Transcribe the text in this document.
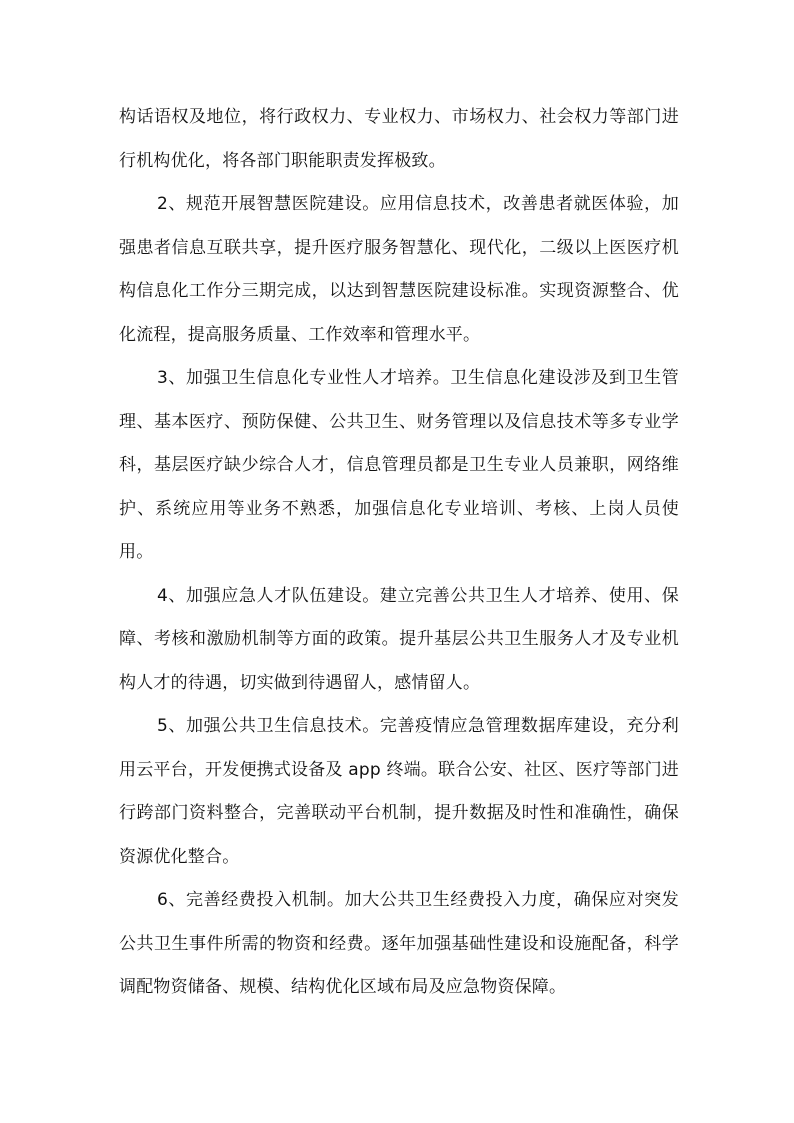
构话语权及地位，将行政权力、专业权力、市场权力、社会权力等部门进行机构优化，将各部门职能职责发挥极致。

2、规范开展智慧医院建设。应用信息技术，改善患者就医体验，加强患者信息互联共享，提升医疗服务智慧化、现代化，二级以上医医疗机构信息化工作分三期完成，以达到智慧医院建设标准。实现资源整合、优化流程，提高服务质量、工作效率和管理水平。

3、加强卫生信息化专业性人才培养。卫生信息化建设涉及到卫生管理、基本医疗、预防保健、公共卫生、财务管理以及信息技术等多专业学科，基层医疗缺少综合人才，信息管理员都是卫生专业人员兼职，网络维护、系统应用等业务不熟悉，加强信息化专业培训、考核、上岗人员使用。

4、加强应急人才队伍建设。建立完善公共卫生人才培养、使用、保障、考核和激励机制等方面的政策。提升基层公共卫生服务人才及专业机构人才的待遇，切实做到待遇留人，感情留人。

5、加强公共卫生信息技术。完善疫情应急管理数据库建设，充分利用云平台，开发便携式设备及 app 终端。联合公安、社区、医疗等部门进行跨部门资料整合，完善联动平台机制，提升数据及时性和准确性，确保资源优化整合。

6、完善经费投入机制。加大公共卫生经费投入力度，确保应对突发公共卫生事件所需的物资和经费。逐年加强基础性建设和设施配备，科学调配物资储备、规模、结构优化区域布局及应急物资保障。
